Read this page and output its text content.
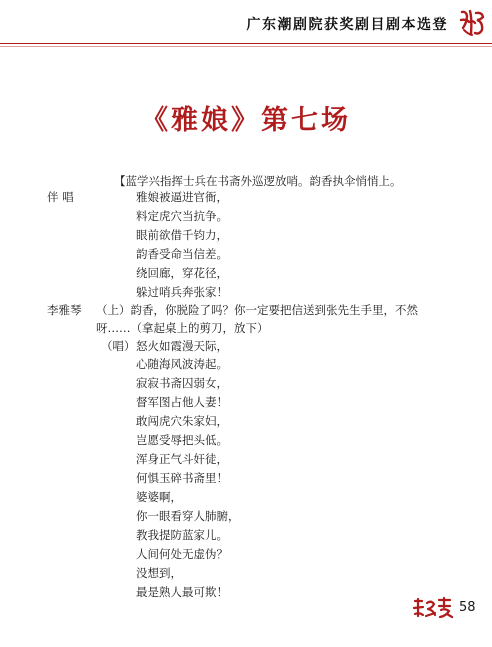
广东潮剧院获奖剧目剧本选登
《雅娘》第七场
【蓝学兴指挥士兵在书斋外巡逻放哨。韵香执伞悄悄上。
伴 唱	雅娘被逼进官衙，
料定虎穴当抗争。
眼前欲借千钧力，
韵香受命当信差。
绕回廊，穿花径，
躲过哨兵奔张家！
李雅琴 （上）韵香，你脱险了吗？你一定要把信送到张先生手里，不然
呀……（拿起桌上的剪刀，放下）
（唱） 怒火如霞漫天际，
心随海风波涛起。
寂寂书斋囚弱女，
督军图占他人妻！
敢闯虎穴朱家妇，
岂愿受辱把头低。
浑身正气斗奸徒，
何惧玉碎书斋里！
婆婆啊，
你一眼看穿人肺腑，
教我提防蓝家儿。
人间何处无虚伪？
没想到，
最是熟人最可欺！
58
